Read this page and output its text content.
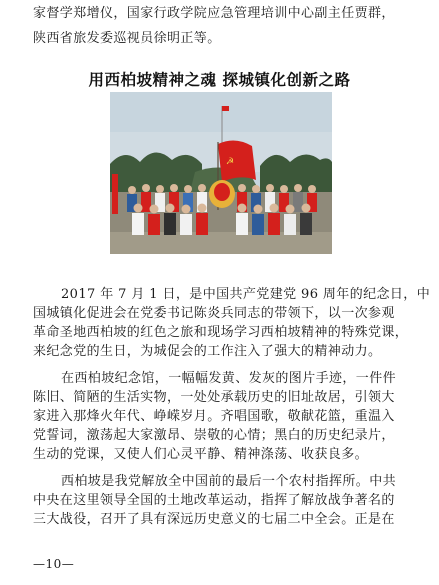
家督学郑增仪，国家行政学院应急管理培训中心副主任贾群，
陕西省旅发委巡视员徐明正等。
用西柏坡精神之魂 探城镇化创新之路
☭
2017 年 7 月 1 日，是中国共产党建党 96 周年的纪念日，中
国城镇化促进会在党委书记陈炎兵同志的带领下，以一次参观
革命圣地西柏坡的红色之旅和现场学习西柏坡精神的特殊党课，
来纪念党的生日，为城促会的工作注入了强大的精神动力。
在西柏坡纪念馆，一幅幅发黄、发灰的图片手迹，一件件
陈旧、简陋的生活实物，一处处承载历史的旧址故居，引领大
家进入那烽火年代、峥嵘岁月。齐唱国歌，敬献花篮，重温入
党誓词，激荡起大家激昂、崇敬的心情；黑白的历史纪录片，
生动的党课，又使人们心灵平静、精神涤荡、收获良多。
西柏坡是我党解放全中国前的最后一个农村指挥所。中共
中央在这里领导全国的土地改革运动，指挥了解放战争著名的
三大战役，召开了具有深远历史意义的七届二中全会。正是在
—10—
